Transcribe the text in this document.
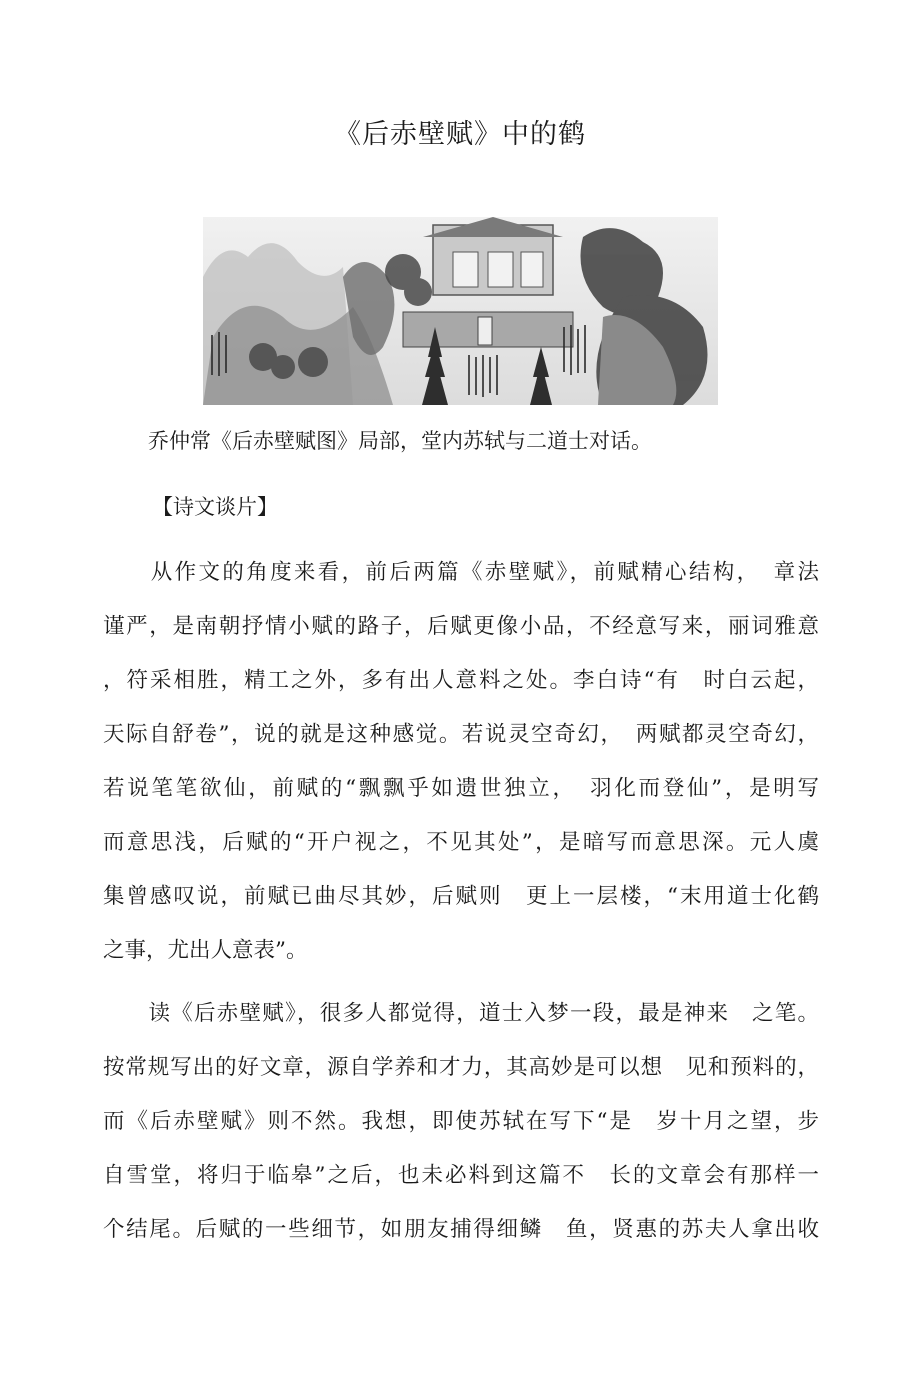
《后赤壁赋》中的鹤
乔仲常《后赤壁赋图》局部，堂内苏轼与二道士对话。
【诗文谈片】
　　从作文的角度来看，前后两篇《赤壁赋》，前赋精心结构，　章法
谨严，是南朝抒情小赋的路子，后赋更像小品，不经意写来，丽词雅意
，符采相胜，精工之外，多有出人意料之处。李白诗“有　时白云起，
天际自舒卷”，说的就是这种感觉。若说灵空奇幻，　两赋都灵空奇幻，
若说笔笔欲仙，前赋的“飘飘乎如遗世独立，　羽化而登仙”，是明写
而意思浅，后赋的“开户视之，不见其处”，是暗写而意思深。元人虞
集曾感叹说，前赋已曲尽其妙，后赋则　更上一层楼，“末用道士化鹤
之事，尤出人意表”。
　　读《后赤壁赋》，很多人都觉得，道士入梦一段，最是神来　之笔。
按常规写出的好文章，源自学养和才力，其高妙是可以想　见和预料的，
而《后赤壁赋》则不然。我想，即使苏轼在写下“是　岁十月之望，步
自雪堂，将归于临皋”之后，也未必料到这篇不　长的文章会有那样一
个结尾。后赋的一些细节，如朋友捕得细鳞　鱼，贤惠的苏夫人拿出收
